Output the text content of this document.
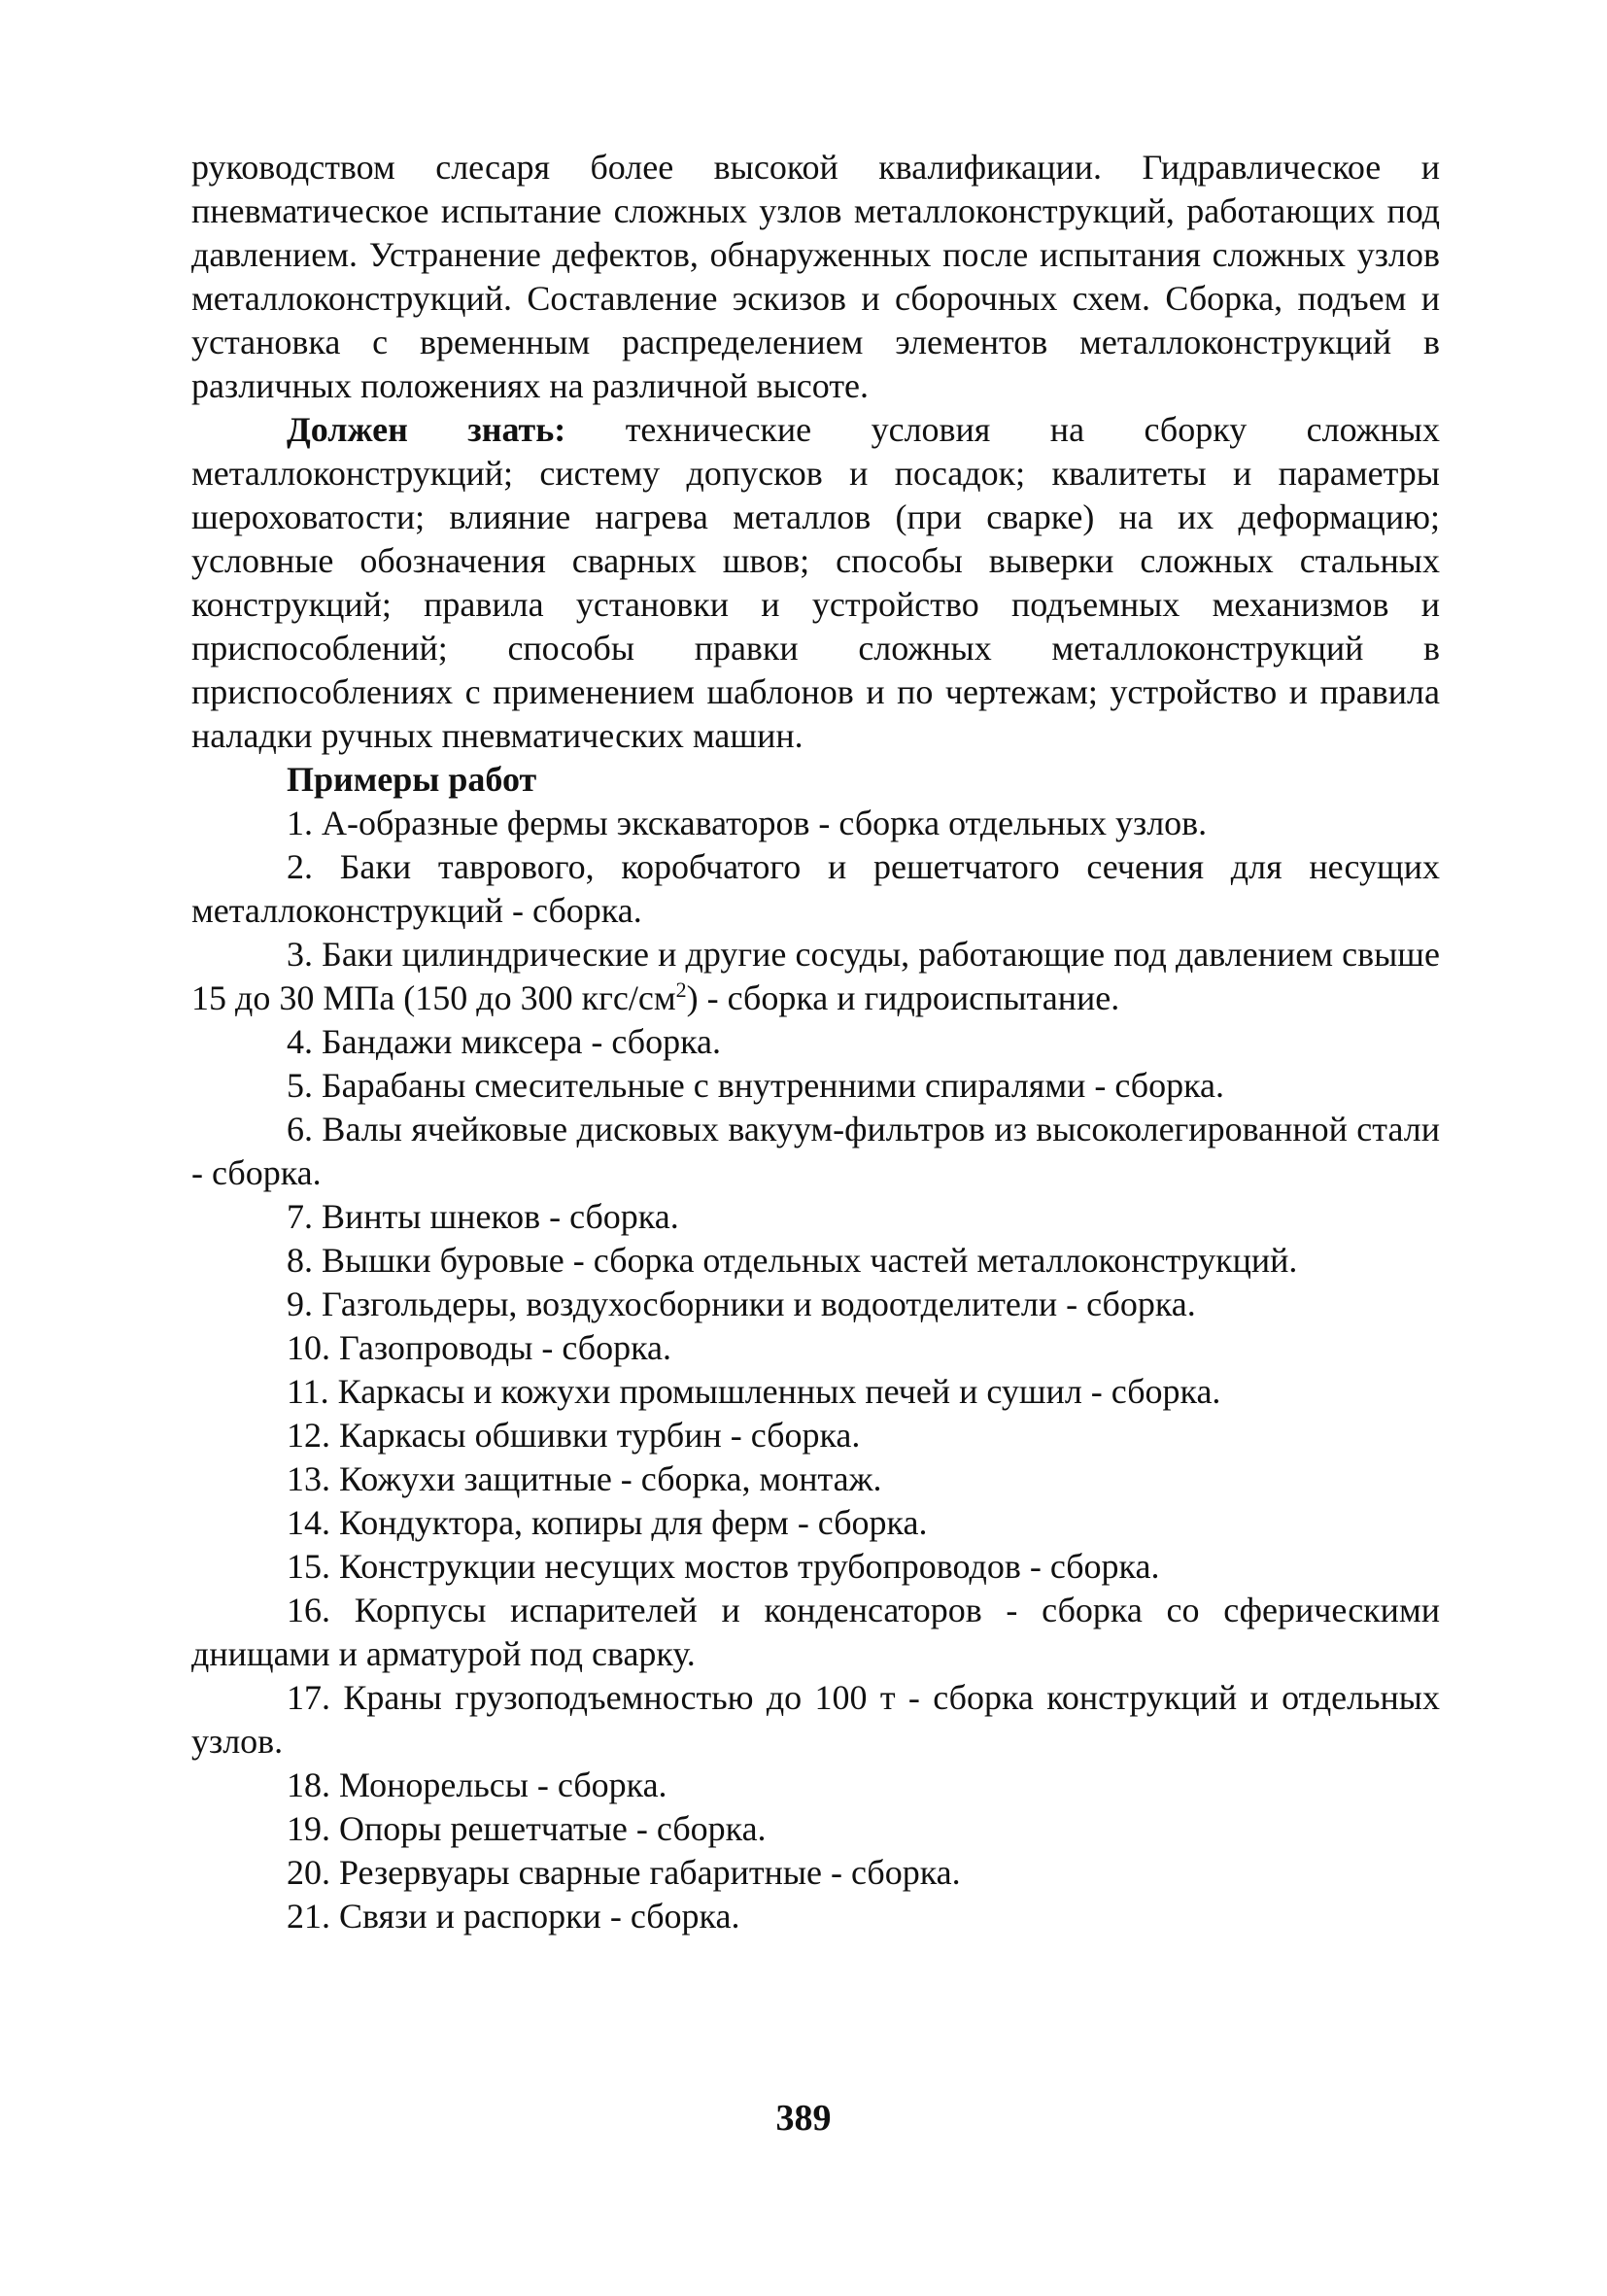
руководством слесаря более высокой квалификации. Гидравлическое и пневматическое испытание сложных узлов металлоконструкций, работающих под давлением. Устранение дефектов, обнаруженных после испытания сложных узлов металлоконструкций. Составление эскизов и сборочных схем. Сборка, подъем и установка с временным распределением элементов металлоконструкций в различных положениях на различной высоте.

Должен знать: технические условия на сборку сложных металлоконструкций; систему допусков и посадок; квалитеты и параметры шероховатости; влияние нагрева металлов (при сварке) на их деформацию; условные обозначения сварных швов; способы выверки сложных стальных конструкций; правила установки и устройство подъемных механизмов и приспособлений; способы правки сложных металлоконструкций в приспособлениях с применением шаблонов и по чертежам; устройство и правила наладки ручных пневматических машин.

Примеры работ

1. А-образные фермы экскаваторов - сборка отдельных узлов.
2. Баки таврового, коробчатого и решетчатого сечения для несущих металлоконструкций - сборка.
3. Баки цилиндрические и другие сосуды, работающие под давлением свыше 15 до 30 МПа (150 до 300 кгс/$см^2$) - сборка и гидроиспытание.
4. Бандажи миксера - сборка.
5. Барабаны смесительные с внутренними спиралями - сборка.
6. Валы ячейковые дисковых вакуум-фильтров из высоколегированной стали - сборка.
7. Винты шнеков - сборка.
8. Вышки буровые - сборка отдельных частей металлоконструкций.
9. Газгольдеры, воздухосборники и водоотделители - сборка.
10. Газопроводы - сборка.
11. Каркасы и кожухи промышленных печей и сушил - сборка.
12. Каркасы обшивки турбин - сборка.
13. Кожухи защитные - сборка, монтаж.
14. Кондуктора, копиры для ферм - сборка.
15. Конструкции несущих мостов трубопроводов - сборка.
16. Корпусы испарителей и конденсаторов - сборка со сферическими днищами и арматурой под сварку.
17. Краны грузоподъемностью до 100 т - сборка конструкций и отдельных узлов.
18. Монорельсы - сборка.
19. Опоры решетчатые - сборка.
20. Резервуары сварные габаритные - сборка.
21. Связи и распорки - сборка.
389
